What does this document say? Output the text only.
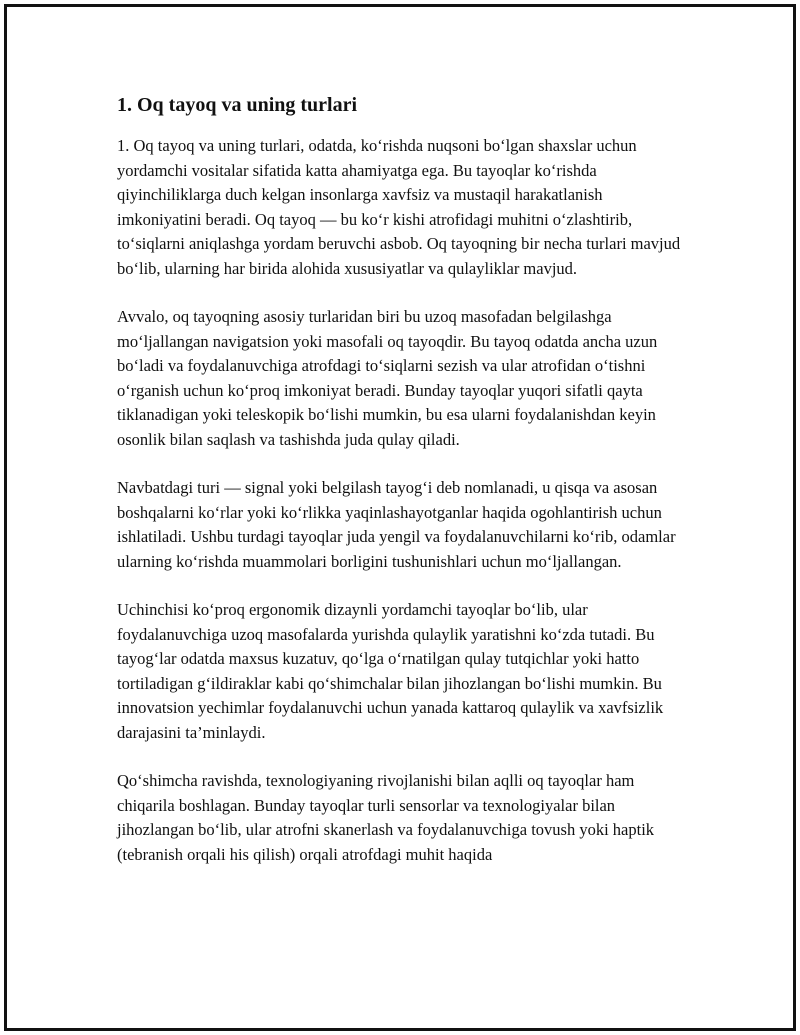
1. Oq tayoq va uning turlari

1. Oq tayoq va uning turlari, odatda, ko‘rishda nuqsoni bo‘lgan shaxslar uchun yordamchi vositalar sifatida katta ahamiyatga ega. Bu tayoqlar ko‘rishda qiyinchiliklarga duch kelgan insonlarga xavfsiz va mustaqil harakatlanish imkoniyatini beradi. Oq tayoq — bu ko‘r kishi atrofidagi muhitni o‘zlashtirib, to‘siqlarni aniqlashga yordam beruvchi asbob. Oq tayoqning bir necha turlari mavjud bo‘lib, ularning har birida alohida xususiyatlar va qulayliklar mavjud.

Avvalo, oq tayoqning asosiy turlaridan biri bu uzoq masofadan belgilashga mo‘ljallangan navigatsion yoki masofali oq tayoqdir. Bu tayoq odatda ancha uzun bo‘ladi va foydalanuvchiga atrofdagi to‘siqlarni sezish va ular atrofidan o‘tishni o‘rganish uchun ko‘proq imkoniyat beradi. Bunday tayoqlar yuqori sifatli qayta tiklanadigan yoki teleskopik bo‘lishi mumkin, bu esa ularni foydalanishdan keyin osonlik bilan saqlash va tashishda juda qulay qiladi.

Navbatdagi turi — signal yoki belgilash tayog‘i deb nomlanadi, u qisqa va asosan boshqalarni ko‘rlar yoki ko‘rlikka yaqinlashayotganlar haqida ogohlantirish uchun ishlatiladi. Ushbu turdagi tayoqlar juda yengil va foydalanuvchilarni ko‘rib, odamlar ularning ko‘rishda muammolari borligini tushunishlari uchun mo‘ljallangan.

Uchinchisi ko‘proq ergonomik dizaynli yordamchi tayoqlar bo‘lib, ular foydalanuvchiga uzoq masofalarda yurishda qulaylik yaratishni ko‘zda tutadi. Bu tayog‘lar odatda maxsus kuzatuv, qo‘lga o‘rnatilgan qulay tutqichlar yoki hatto tortiladigan g‘ildiraklar kabi qo‘shimchalar bilan jihozlangan bo‘lishi mumkin. Bu innovatsion yechimlar foydalanuvchi uchun yanada kattaroq qulaylik va xavfsizlik darajasini ta’minlaydi.

Qo‘shimcha ravishda, texnologiyaning rivojlanishi bilan aqlli oq tayoqlar ham chiqarila boshlagan. Bunday tayoqlar turli sensorlar va texnologiyalar bilan jihozlangan bo‘lib, ular atrofni skanerlash va foydalanuvchiga tovush yoki haptik (tebranish orqali his qilish) orqali atrofdagi muhit haqida
